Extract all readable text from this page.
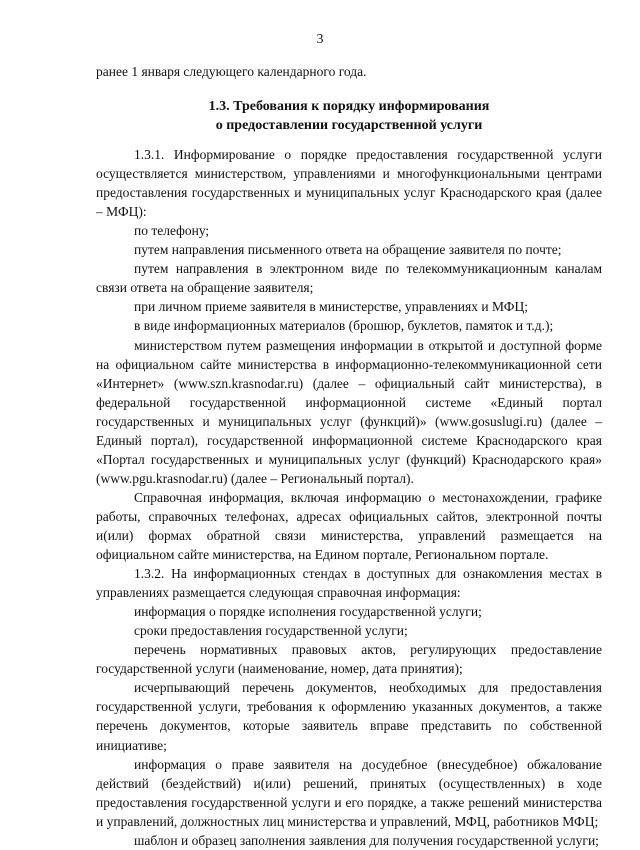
3

ранее 1 января следующего календарного года.

1.3. Требования к порядку информирования
о предоставлении государственной услуги

1.3.1. Информирование о порядке предоставления государственной услуги осуществляется министерством, управлениями и многофункциональными центрами предоставления государственных и муниципальных услуг Краснодарского края (далее – МФЦ):

по телефону;

путем направления письменного ответа на обращение заявителя по почте;

путем направления в электронном виде по телекоммуникационным каналам связи ответа на обращение заявителя;

при личном приеме заявителя в министерстве, управлениях и МФЦ;

в виде информационных материалов (брошюр, буклетов, памяток и т.д.);

министерством путем размещения информации в открытой и доступной форме на официальном сайте министерства в информационно-телекоммуникационной сети «Интернет» (www.szn.krasnodar.ru) (далее – официальный сайт министерства), в федеральной государственной информационной системе «Единый портал государственных и муниципальных услуг (функций)» (www.gosuslugi.ru) (далее – Единый портал), государственной информационной системе Краснодарского края «Портал государственных и муниципальных услуг (функций) Краснодарского края» (www.pgu.krasnodar.ru) (далее – Региональный портал).

Справочная информация, включая информацию о местонахождении, графике работы, справочных телефонах, адресах официальных сайтов, электронной почты и(или) формах обратной связи министерства, управлений размещается на официальном сайте министерства, на Едином портале, Региональном портале.

1.3.2. На информационных стендах в доступных для ознакомления местах в управлениях размещается следующая справочная информация:

информация о порядке исполнения государственной услуги;

сроки предоставления государственной услуги;

перечень нормативных правовых актов, регулирующих предоставление государственной услуги (наименование, номер, дата принятия);

исчерпывающий перечень документов, необходимых для предоставления государственной услуги, требования к оформлению указанных документов, а также перечень документов, которые заявитель вправе представить по собственной инициативе;

информация о праве заявителя на досудебное (внесудебное) обжалование действий (бездействий) и(или) решений, принятых (осуществленных) в ходе предоставления государственной услуги и его порядке, а также решений министерства и управлений, должностных лиц министерства и управлений, МФЦ, работников МФЦ;

шаблон и образец заполнения заявления для получения государственной услуги;
